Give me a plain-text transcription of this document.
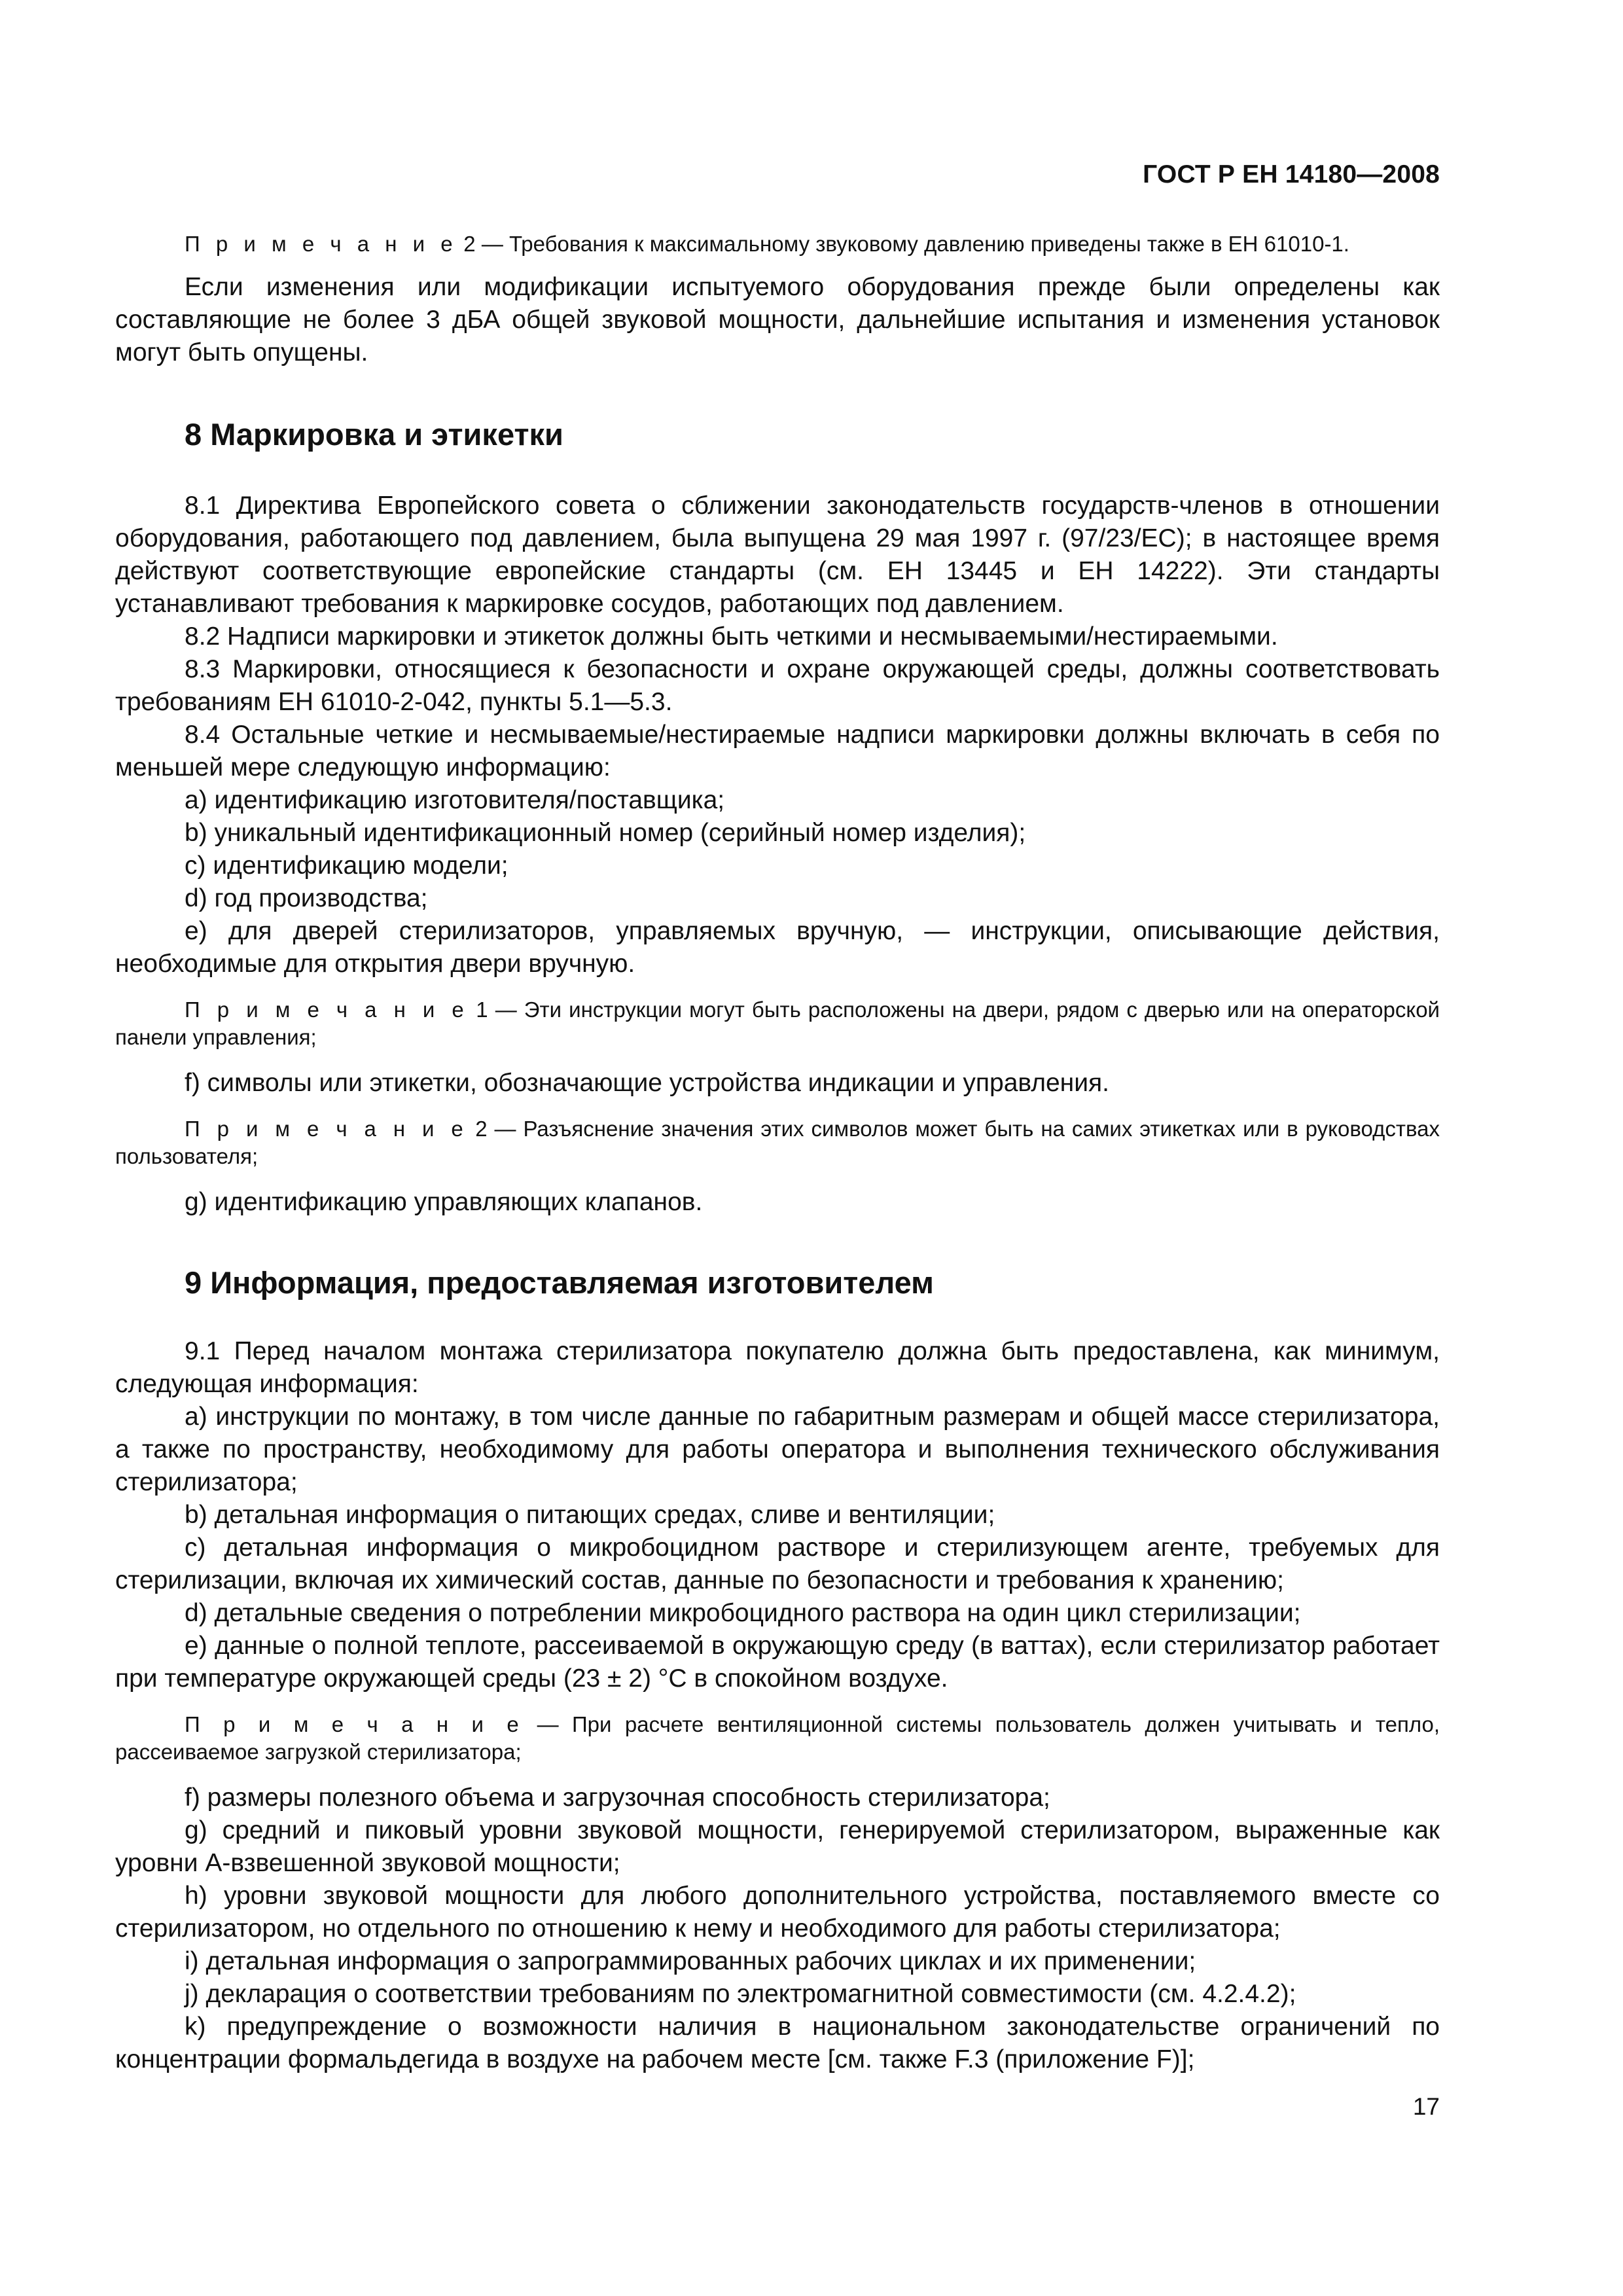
ГОСТ Р ЕН 14180—2008

П р и м е ч а н и е 2 — Требования к максимальному звуковому давлению приведены также в ЕН 61010-1.

Если изменения или модификации испытуемого оборудования прежде были определены как составляющие не более 3 дБА общей звуковой мощности, дальнейшие испытания и изменения установок могут быть опущены.

8 Маркировка и этикетки

8.1 Директива Европейского совета о сближении законодательств государств-членов в отношении оборудования, работающего под давлением, была выпущена 29 мая 1997 г. (97/23/ЕС); в настоящее время действуют соответствующие европейские стандарты (см. ЕН 13445 и ЕН 14222). Эти стандарты устанавливают требования к маркировке сосудов, работающих под давлением.

8.2 Надписи маркировки и этикеток должны быть четкими и несмываемыми/нестираемыми.

8.3 Маркировки, относящиеся к безопасности и охране окружающей среды, должны соответствовать требованиям ЕН 61010-2-042, пункты 5.1—5.3.

8.4 Остальные четкие и несмываемые/нестираемые надписи маркировки должны включать в себя по меньшей мере следующую информацию:

a) идентификацию изготовителя/поставщика;

b) уникальный идентификационный номер (серийный номер изделия);

c) идентификацию модели;

d) год производства;

e) для дверей стерилизаторов, управляемых вручную, — инструкции, описывающие действия, необходимые для открытия двери вручную.

П р и м е ч а н и е 1 — Эти инструкции могут быть расположены на двери, рядом с дверью или на операторской панели управления;

f) символы или этикетки, обозначающие устройства индикации и управления.

П р и м е ч а н и е 2 — Разъяснение значения этих символов может быть на самих этикетках или в руководствах пользователя;

g) идентификацию управляющих клапанов.

9 Информация, предоставляемая изготовителем

9.1 Перед началом монтажа стерилизатора покупателю должна быть предоставлена, как минимум, следующая информация:

a) инструкции по монтажу, в том числе данные по габаритным размерам и общей массе стерилизатора, а также по пространству, необходимому для работы оператора и выполнения технического обслуживания стерилизатора;

b) детальная информация о питающих средах, сливе и вентиляции;

c) детальная информация о микробоцидном растворе и стерилизующем агенте, требуемых для стерилизации, включая их химический состав, данные по безопасности и требования к хранению;

d) детальные сведения о потреблении микробоцидного раствора на один цикл стерилизации;

e) данные о полной теплоте, рассеиваемой в окружающую среду (в ваттах), если стерилизатор работает при температуре окружающей среды (23 ± 2) °С в спокойном воздухе.

П р и м е ч а н и е — При расчете вентиляционной системы пользователь должен учитывать и тепло, рассеиваемое загрузкой стерилизатора;

f) размеры полезного объема и загрузочная способность стерилизатора;

g) средний и пиковый уровни звуковой мощности, генерируемой стерилизатором, выраженные как уровни А-взвешенной звуковой мощности;

h) уровни звуковой мощности для любого дополнительного устройства, поставляемого вместе со стерилизатором, но отдельного по отношению к нему и необходимого для работы стерилизатора;

i) детальная информация о запрограммированных рабочих циклах и их применении;

j) декларация о соответствии требованиям по электромагнитной совместимости (см. 4.2.4.2);

k) предупреждение о возможности наличия в национальном законодательстве ограничений по концентрации формальдегида в воздухе на рабочем месте [см. также F.3 (приложение F)];

17
